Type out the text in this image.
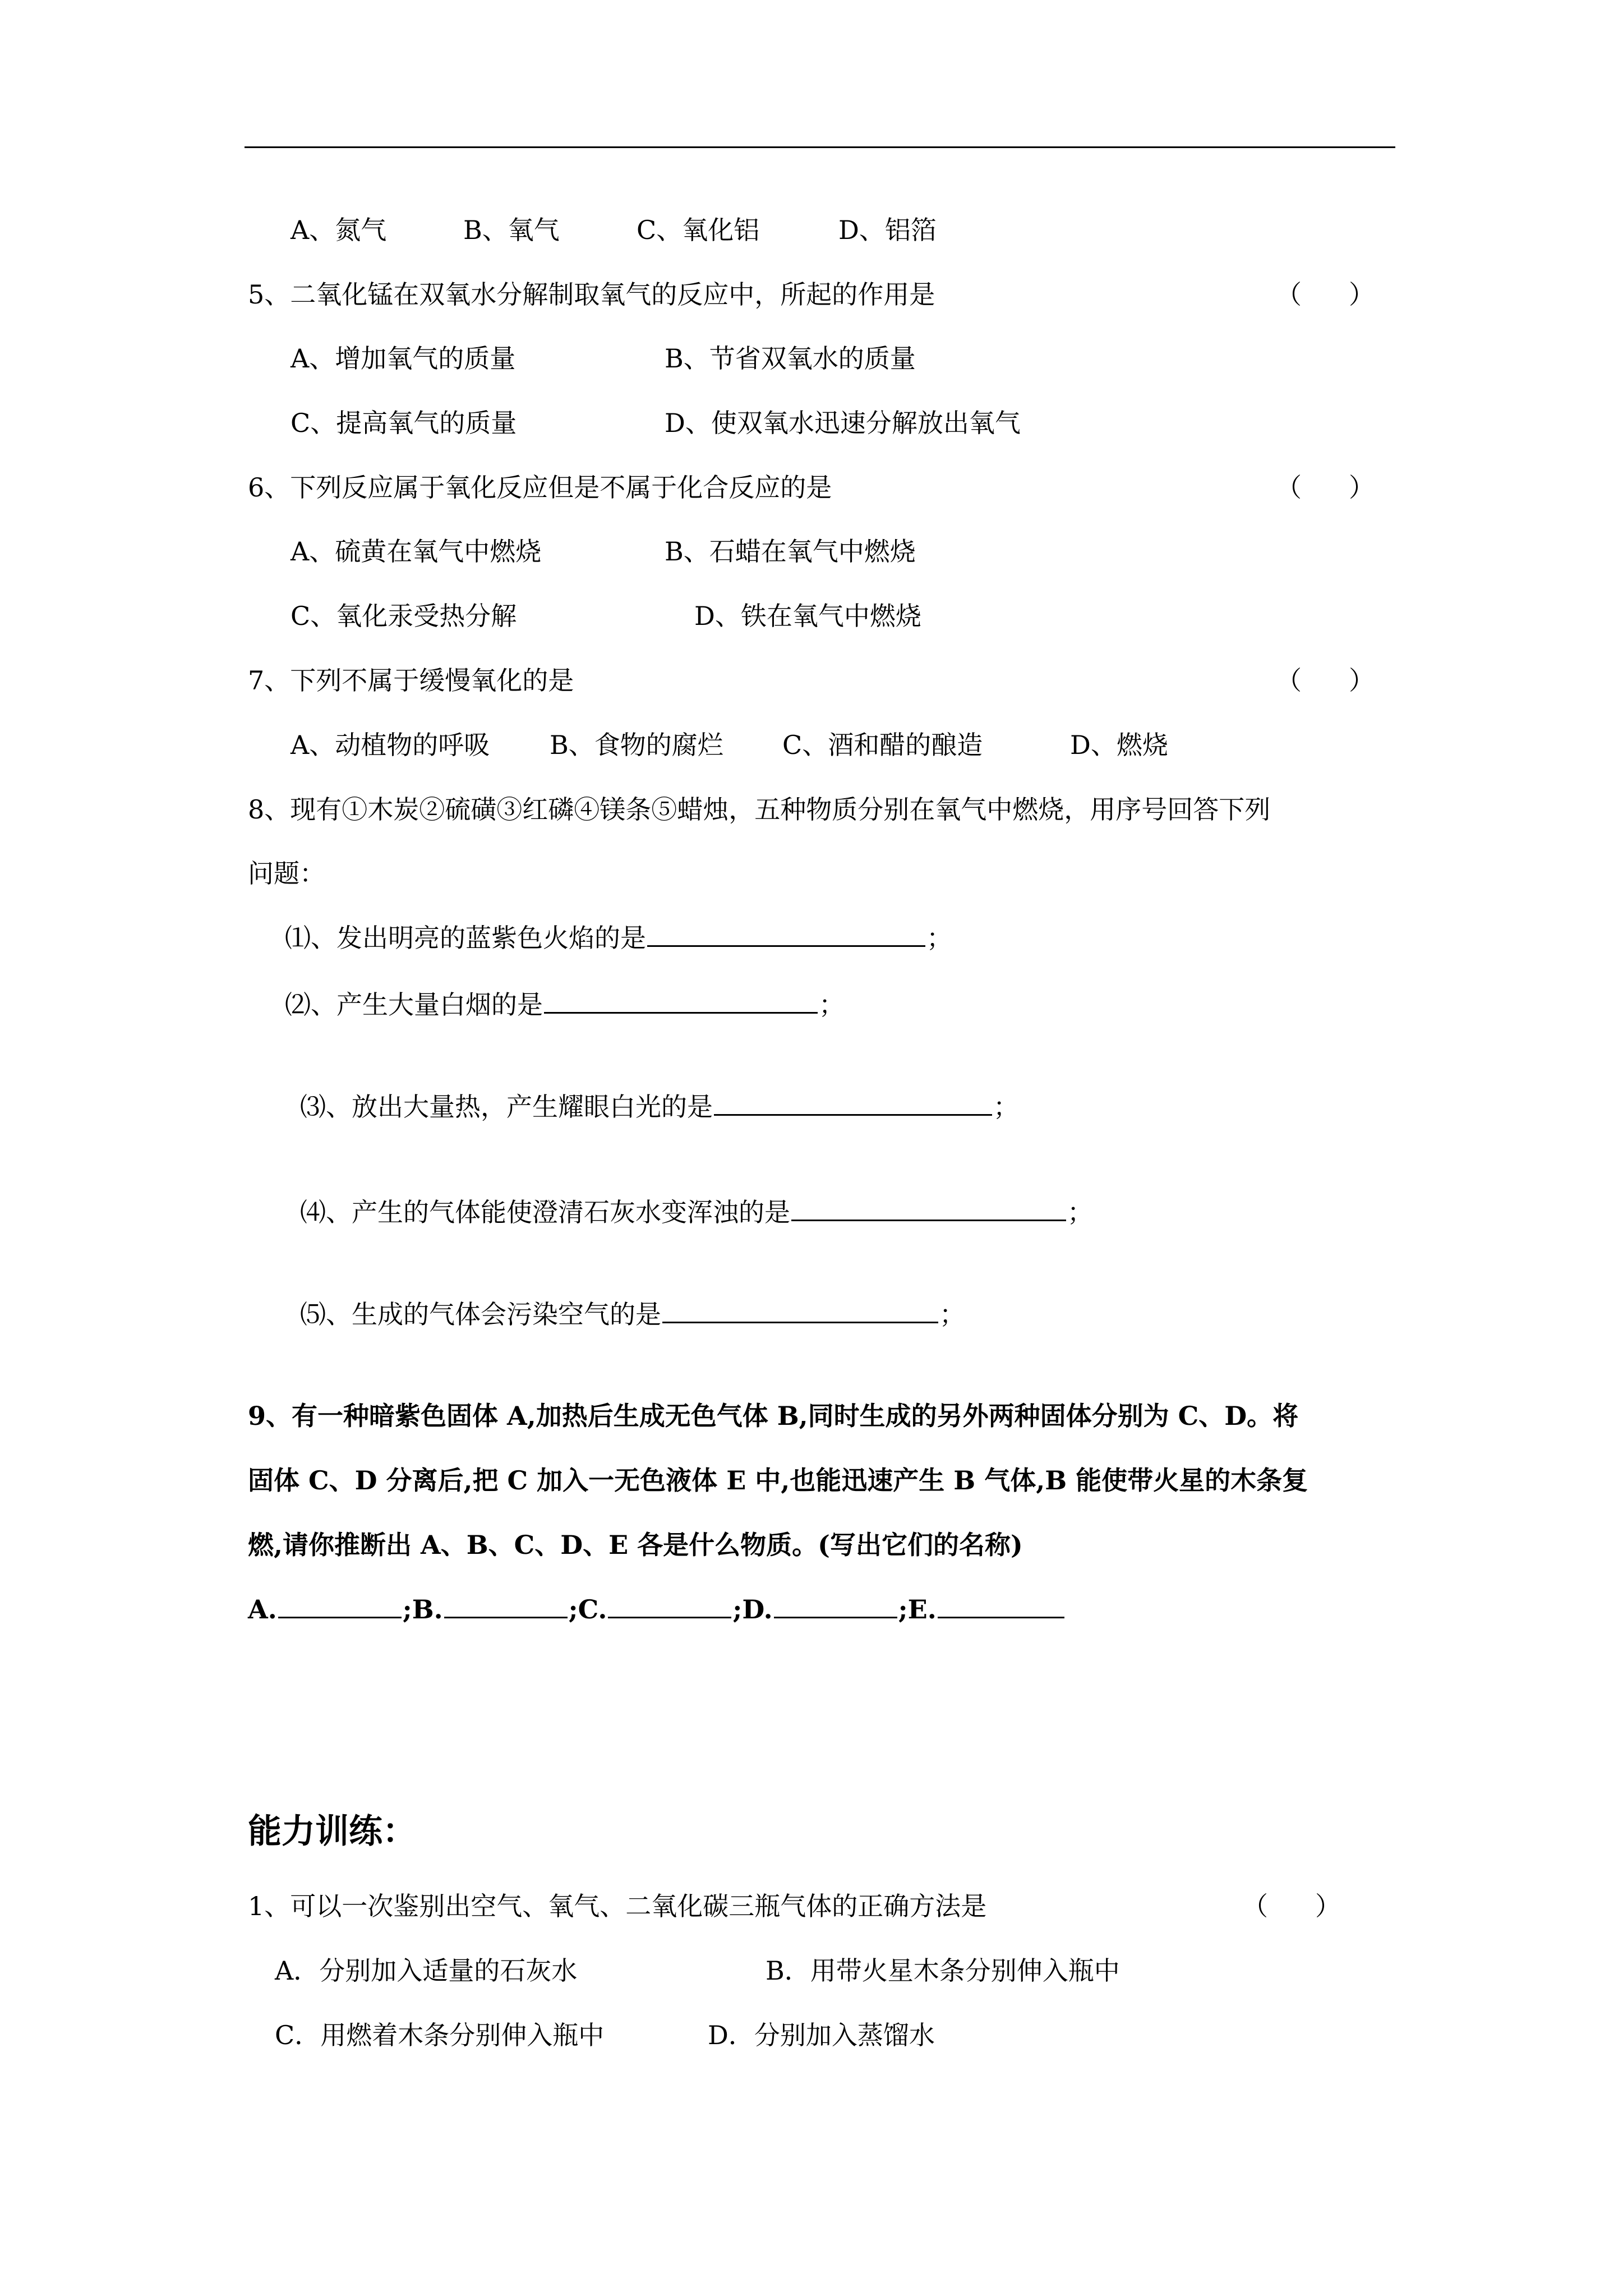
A、氮气	B、氧气	C、氧化铝	D、铝箔
5、二氧化锰在双氧水分解制取氧气的反应中，所起的作用是	（ ）
A、增加氧气的质量	B、节省双氧水的质量
C、提高氧气的质量	D、使双氧水迅速分解放出氧气
6、下列反应属于氧化反应但是不属于化合反应的是	（ ）
A、硫黄在氧气中燃烧	B、石蜡在氧气中燃烧
C、氧化汞受热分解	D、铁在氧气中燃烧
7、下列不属于缓慢氧化的是	（ ）
A、动植物的呼吸 B、食物的腐烂 C、酒和醋的酿造	D、燃烧
8、现有①木炭②硫磺③红磷④镁条⑤蜡烛，五种物质分别在氧气中燃烧，用序号回答下列
问题：
⑴、发出明亮的蓝紫色火焰的是	；
⑵、产生大量白烟的是	；
⑶、放出大量热，产生耀眼白光的是	；
⑷、产生的气体能使澄清石灰水变浑浊的是	；
⑸、生成的气体会污染空气的是	；
9、有一种暗紫色固体 A,加热后生成无色气体 B,同时生成的另外两种固体分别为 C、D。将
固体 C、D 分离后,把 C 加入一无色液体 E 中,也能迅速产生 B 气体,B 能使带火星的木条复
燃,请你推断出 A、B、C、D、E 各是什么物质。(写出它们的名称)
A.	;B.	;C.	;D.	;E.
能力训练：
1、可以一次鉴别出空气、氧气、二氧化碳三瓶气体的正确方法是	（ ）
A．分别加入适量的石灰水	B．用带火星木条分别伸入瓶中
C．用燃着木条分别伸入瓶中	D．分别加入蒸馏水
